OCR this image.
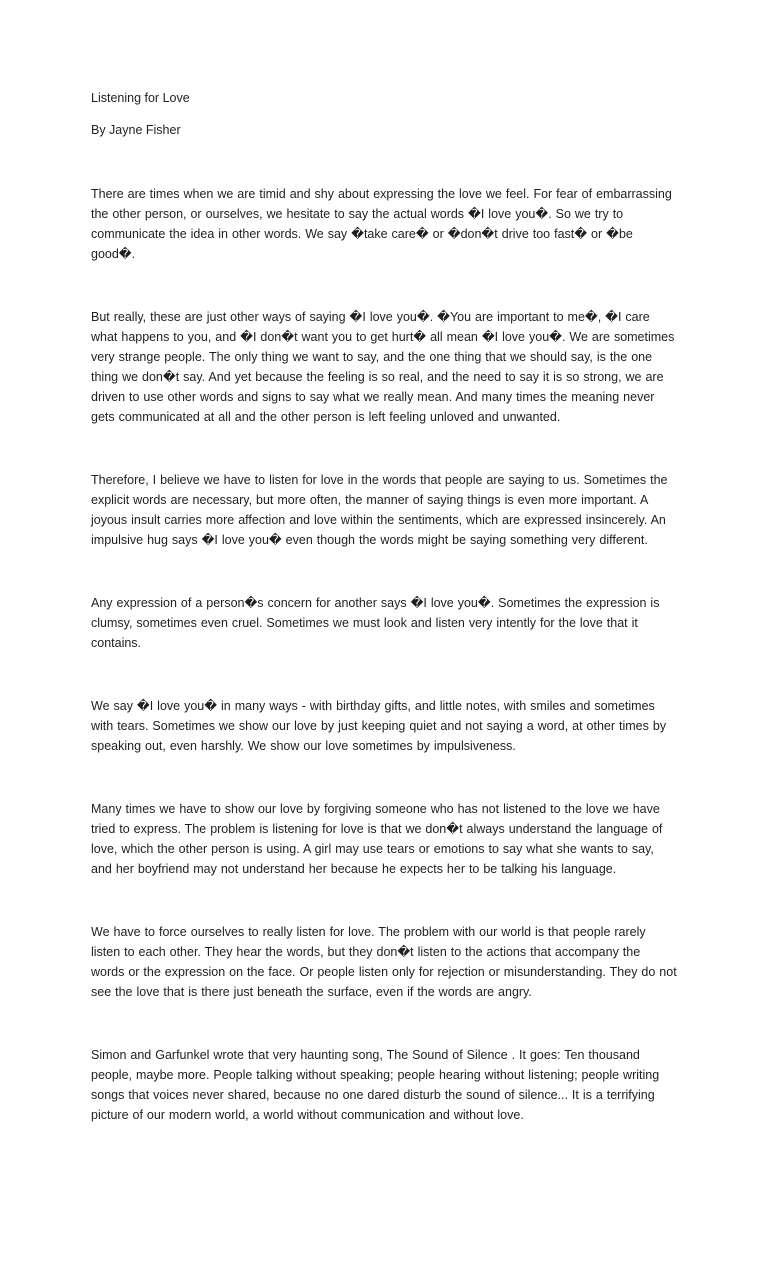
Listening for Love
By Jayne Fisher

There are times when we are timid and shy about expressing the love we feel. For fear of embarrassing the other person, or ourselves, we hesitate to say the actual words �I love you�. So we try to communicate the idea in other words. We say �take care� or �don�t drive too fast� or �be good�.

But really, these are just other ways of saying �I love you�. �You are important to me�, �I care what happens to you, and �I don�t want you to get hurt� all mean �I love you�. We are sometimes very strange people. The only thing we want to say, and the one thing that we should say, is the one thing we don�t say. And yet because the feeling is so real, and the need to say it is so strong, we are driven to use other words and signs to say what we really mean. And many times the meaning never gets communicated at all and the other person is left feeling unloved and unwanted.

Therefore, I believe we have to listen for love in the words that people are saying to us. Sometimes the explicit words are necessary, but more often, the manner of saying things is even more important. A joyous insult carries more affection and love within the sentiments, which are expressed insincerely. An impulsive hug says �I love you� even though the words might be saying something very different.

Any expression of a person�s concern for another says �I love you�. Sometimes the expression is clumsy, sometimes even cruel. Sometimes we must look and listen very intently for the love that it contains.

We say �I love you� in many ways - with birthday gifts, and little notes, with smiles and sometimes with tears. Sometimes we show our love by just keeping quiet and not saying a word, at other times by speaking out, even harshly. We show our love sometimes by impulsiveness.

Many times we have to show our love by forgiving someone who has not listened to the love we have tried to express. The problem is listening for love is that we don�t always understand the language of love, which the other person is using. A girl may use tears or emotions to say what she wants to say, and her boyfriend may not understand her because he expects her to be talking his language.

We have to force ourselves to really listen for love. The problem with our world is that people rarely listen to each other. They hear the words, but they don�t listen to the actions that accompany the words or the expression on the face. Or people listen only for rejection or misunderstanding. They do not see the love that is there just beneath the surface, even if the words are angry.

Simon and Garfunkel wrote that very haunting song, The Sound of Silence . It goes: Ten thousand people, maybe more. People talking without speaking; people hearing without listening; people writing songs that voices never shared, because no one dared disturb the sound of silence... It is a terrifying picture of our modern world, a world without communication and without love.
